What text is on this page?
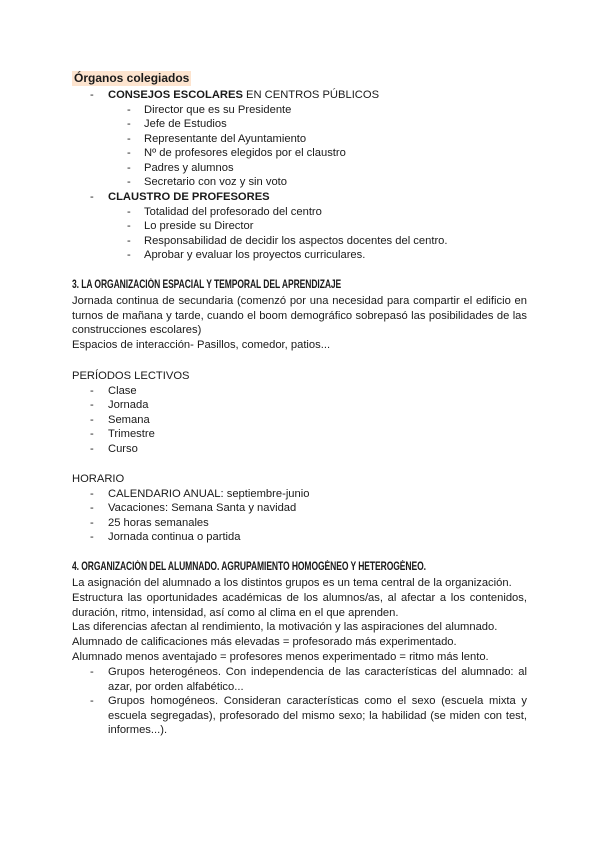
Órganos colegiados
- CONSEJOS ESCOLARES EN CENTROS PÚBLICOS
- Director que es su Presidente
- Jefe de Estudios
- Representante del Ayuntamiento
- Nº de profesores elegidos por el claustro
- Padres y alumnos
- Secretario con voz y sin voto
- CLAUSTRO DE PROFESORES
- Totalidad del profesorado del centro
- Lo preside su Director
- Responsabilidad de decidir los aspectos docentes del centro.
- Aprobar y evaluar los proyectos curriculares.
3. LA ORGANIZACIÓN ESPACIAL Y TEMPORAL DEL APRENDIZAJE
Jornada continua de secundaria (comenzó por una necesidad para compartir el edificio en turnos de mañana y tarde, cuando el boom demográfico sobrepasó las posibilidades de las construcciones escolares)
Espacios de interacción- Pasillos, comedor, patios...
PERÍODOS LECTIVOS
- Clase
- Jornada
- Semana
- Trimestre
- Curso
HORARIO
- CALENDARIO ANUAL: septiembre-junio
- Vacaciones: Semana Santa y navidad
- 25 horas semanales
- Jornada continua o partida
4. ORGANIZACIÓN DEL ALUMNADO. AGRUPAMIENTO HOMOGÉNEO Y HETEROGÉNEO.
La asignación del alumnado a los distintos grupos es un tema central de la organización.
Estructura las oportunidades académicas de los alumnos/as, al afectar a los contenidos, duración, ritmo, intensidad, así como al clima en el que aprenden.
Las diferencias afectan al rendimiento, la motivación y las aspiraciones del alumnado.
Alumnado de calificaciones más elevadas = profesorado más experimentado.
Alumnado menos aventajado = profesores menos experimentado = ritmo más lento.
- Grupos heterogéneos. Con independencia de las características del alumnado: al azar, por orden alfabético...
- Grupos homogéneos. Consideran características como el sexo (escuela mixta y escuela segregadas), profesorado del mismo sexo; la habilidad (se miden con test, informes...).
